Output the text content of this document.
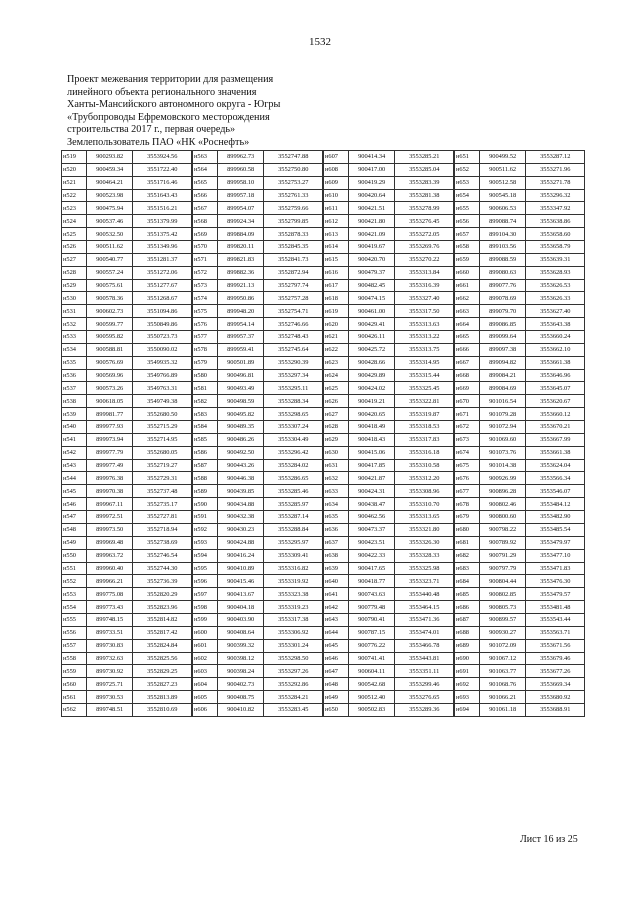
1532
Проект межевания территории для размещения
линейного объекта регионального значения
Ханты-Мансийского автономного округа - Югры
«Трубопроводы Ефремовского месторождения
строительства 2017 г., первая очередь»
Землепользователь ПАО «НК «Роснефть»
н519	900293.82	3553924.56
н520	900459.34	3551722.40
н521	900464.21	3551716.46
н522	900523.98	3551643.43
н523	900475.94	3551516.21
н524	900537.46	3551379.99
н525	900532.50	3551375.42
н526	900511.62	3551349.96
н527	900540.77	3551281.37
н528	900557.24	3551272.06
н529	900575.61	3551277.67
н530	900578.36	3551268.67
н531	900602.73	3551094.86
н532	900599.77	3550849.86
н533	900595.82	3550723.73
н534	900588.81	3550090.02
н535	900576.69	3549935.32
н536	900569.96	3549766.89
н537	900573.26	3549763.31
н538	900618.05	3549749.38
н539	899981.77	3552680.50
н540	899977.93	3552715.29
н541	899973.94	3552714.95
н542	899977.79	3552680.05
н543	899977.49	3552719.27
н544	899976.38	3552729.31
н545	899970.38	3552737.48
н546	899967.11	3552735.17
н547	899972.51	3552727.81
н548	899973.50	3552718.94
н549	899969.48	3552738.69
н550	899963.72	3552746.54
н551	899960.40	3552744.30
н552	899966.21	3552736.39
н553	899775.08	3552820.29
н554	899773.43	3552823.96
н555	899748.15	3552814.82
н556	899733.51	3552817.42
н557	899730.83	3552824.84
н558	899732.63	3552825.56
н559	899730.92	3552829.25
н560	899725.71	3552827.23
н561	899730.53	3552813.89
н562	899748.51	3552810.69
н563	899962.73	3552747.88
н564	899960.58	3552750.80
н565	899958.10	3552753.27
н566	899957.18	3552761.33
н567	899954.07	3552759.66
н568	899924.34	3552799.85
н569	899884.09	3552878.33
н570	899820.11	3552845.35
н571	899821.83	3552841.73
н572	899882.36	3552872.94
н573	899921.13	3552797.74
н574	899950.86	3552757.28
н575	899948.20	3552754.71
н576	899954.14	3552746.66
н577	899957.37	3552748.43
н578	899959.41	3552745.64
н579	900501.89	3553290.39
н580	900496.81	3553297.34
н581	900493.49	3553295.11
н582	900498.59	3553288.34
н583	900495.82	3553298.65
н584	900489.35	3553307.24
н585	900486.26	3553304.49
н586	900492.50	3553296.42
н587	900443.26	3553284.02
н588	900446.38	3553286.65
н589	900439.85	3553285.46
н590	900434.88	3553285.97
н591	900432.38	3553287.14
н592	900430.23	3553288.84
н593	900424.88	3553295.97
н594	900416.24	3553309.41
н595	900410.89	3553316.82
н596	900415.46	3553319.92
н597	900413.67	3553323.38
н598	900404.18	3553319.23
н599	900403.90	3553317.38
н600	900408.64	3553306.92
н601	900399.32	3553301.24
н602	900398.12	3553298.50
н603	900398.24	3553297.26
н604	900402.73	3553292.86
н605	900408.75	3553284.21
н606	900410.82	3553283.45
н607	900414.34	3553285.21
н608	900417.00	3553285.04
н609	900419.29	3553283.39
н610	900420.64	3553281.38
н611	900421.51	3553278.99
н612	900421.80	3553276.45
н613	900421.09	3553272.05
н614	900419.67	3553269.76
н615	900420.70	3553270.22
н616	900479.37	3553313.84
н617	900482.45	3553316.39
н618	900474.15	3553327.40
н619	900461.00	3553317.50
н620	900429.41	3553313.63
н621	900426.11	3553313.22
н622	900425.72	3553313.75
н623	900428.66	3553314.95
н624	900429.89	3553315.44
н625	900424.02	3553325.45
н626	900419.21	3553322.81
н627	900420.65	3553319.87
н628	900418.49	3553318.53
н629	900418.43	3553317.83
н630	900415.06	3553316.18
н631	900417.85	3553310.58
н632	900421.87	3553312.20
н633	900424.31	3553308.96
н634	900438.47	3553310.70
н635	900462.56	3553313.65
н636	900473.37	3553321.80
н637	900423.51	3553326.30
н638	900422.33	3553328.33
н639	900417.65	3553325.98
н640	900418.77	3553323.71
н641	900743.63	3553440.48
н642	900779.48	3553464.15
н643	900790.41	3553471.36
н644	900787.15	3553474.01
н645	900776.22	3553466.78
н646	900741.41	3553443.81
н647	900604.11	3553351.11
н648	900542.68	3553299.46
н649	900512.40	3553276.65
н650	900502.83	3553289.36
н651	900499.52	3553287.12
н652	900511.62	3553271.96
н653	900512.58	3553271.78
н654	900545.18	3553296.32
н655	900606.53	3553347.92
н656	899088.74	3553638.86
н657	899104.30	3553658.60
н658	899103.56	3553658.79
н659	899088.59	3553639.31
н660	899080.63	3553628.93
н661	899077.76	3553626.53
н662	899078.69	3553626.33
н663	899079.70	3553627.40
н664	899086.85	3553643.38
н665	899099.64	3553660.24
н666	899097.38	3553662.10
н667	899094.82	3553661.38
н668	899084.21	3553646.96
н669	899084.69	3553645.07
н670	901016.54	3553620.67
н671	901079.28	3553660.12
н672	901072.94	3553670.21
н673	901069.60	3553667.99
н674	901073.76	3553661.38
н675	901014.38	3553624.04
н676	900926.99	3553566.34
н677	900896.28	3553546.07
н678	900802.46	3553484.12
н679	900800.60	3553482.90
н680	900798.22	3553485.54
н681	900789.92	3553479.97
н682	900791.29	3553477.10
н683	900797.79	3553471.83
н684	900804.44	3553476.30
н685	900802.85	3553479.57
н686	900805.73	3553481.48
н687	900899.57	3553543.44
н688	900930.27	3553563.71
н689	901072.09	3553671.56
н690	901067.12	3553679.46
н691	901063.77	3553677.26
н692	901068.76	3553669.34
н693	901066.21	3553680.92
н694	901061.18	3553688.91
Лист 16 из 25
